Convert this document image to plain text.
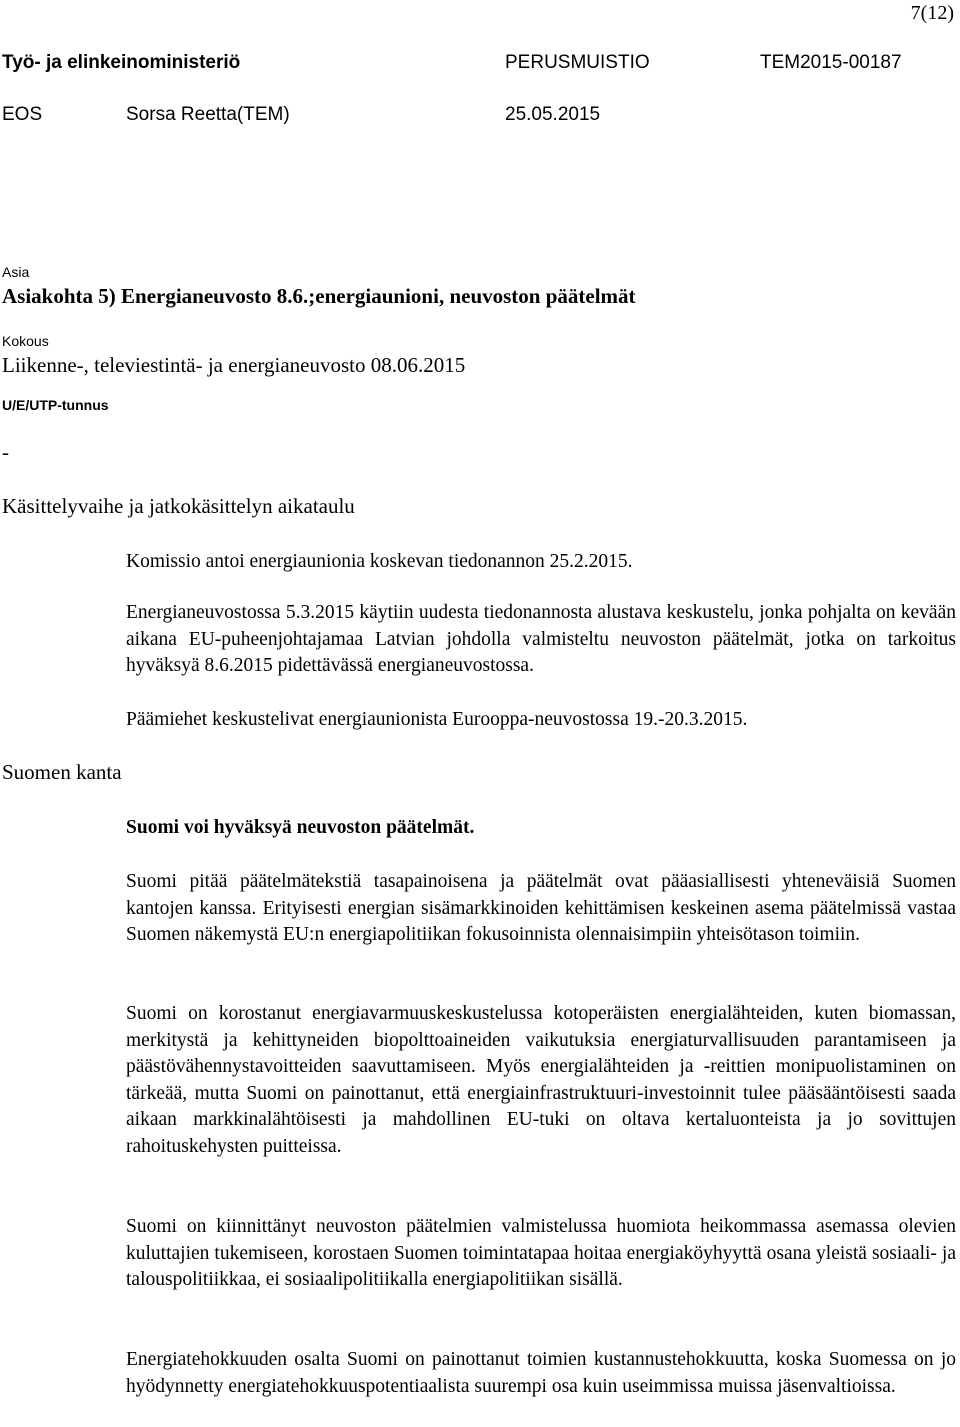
7(12)
Työ- ja elinkeinoministeriö	PERUSMUISTIO	TEM2015-00187
EOS	Sorsa Reetta(TEM)	25.05.2015
Asia
Asiakohta 5) Energianeuvosto 8.6.;energiaunioni, neuvoston päätelmät
Kokous
Liikenne-, televiestintä- ja energianeuvosto 08.06.2015
U/E/UTP-tunnus
-
Käsittelyvaihe ja jatkokäsittelyn aikataulu
Komissio antoi energiaunionia koskevan tiedonannon 25.2.2015.
Energianeuvostossa 5.3.2015 käytiin uudesta tiedonannosta alustava keskustelu, jonka pohjalta on kevään aikana EU-puheenjohtajamaa Latvian johdolla valmisteltu neuvoston päätelmät, jotka on tarkoitus hyväksyä 8.6.2015 pidettävässä energianeuvostossa.
Päämiehet keskustelivat energiaunionista Eurooppa-neuvostossa 19.-20.3.2015.
Suomen kanta
Suomi voi hyväksyä neuvoston päätelmät.
Suomi pitää päätelmätekstiä tasapainoisena ja päätelmät ovat pääasiallisesti yhteneväisiä Suomen kantojen kanssa. Erityisesti energian sisämarkkinoiden kehittämisen keskeinen asema päätelmissä vastaa Suomen näkemystä EU:n energiapolitiikan fokusoinnista olennaisimpiin yhteisötason toimiin.
Suomi on korostanut energiavarmuuskeskustelussa kotoperäisten energialähteiden, kuten biomassan, merkitystä ja kehittyneiden biopolttoaineiden vaikutuksia energiaturvallisuuden parantamiseen ja päästövähennystavoitteiden saavuttamiseen. Myös energialähteiden ja -reittien monipuolistaminen on tärkeää, mutta Suomi on painottanut, että energiainfrastruktuuri-investoinnit tulee pääsääntöisesti saada aikaan markkinalähtöisesti ja mahdollinen EU-tuki on oltava kertaluonteista ja jo sovittujen rahoituskehysten puitteissa.
Suomi on kiinnittänyt neuvoston päätelmien valmistelussa huomiota heikommassa asemassa olevien kuluttajien tukemiseen, korostaen Suomen toimintatapaa hoitaa energiaköyhyyttä osana yleistä sosiaali- ja talouspolitiikkaa, ei sosiaalipolitiikalla energiapolitiikan sisällä.
Energiatehokkuuden osalta Suomi on painottanut toimien kustannustehokkuutta, koska Suomessa on jo hyödynnetty energiatehokkuuspotentiaalista suurempi osa kuin useimmissa muissa jäsenvaltioissa.
